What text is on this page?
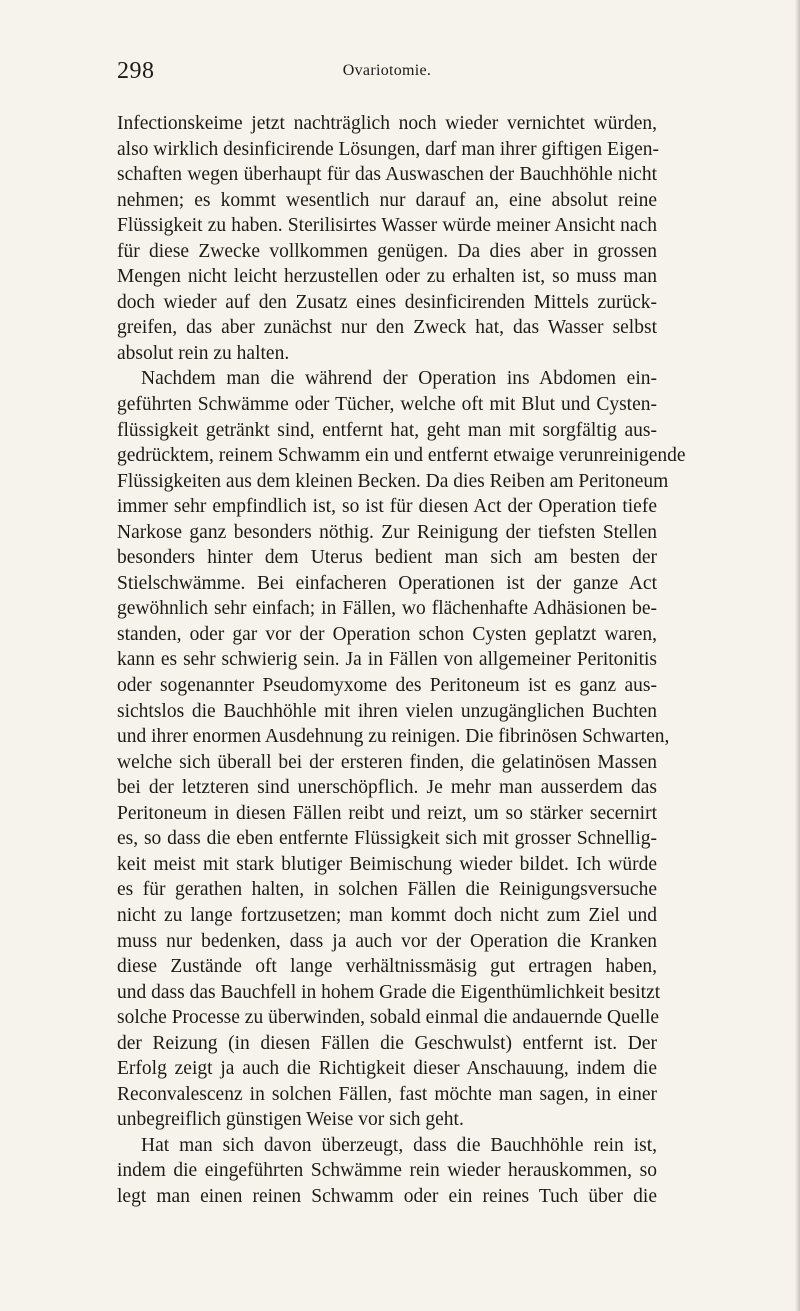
298	Ovariotomie.
Infectionskeime jetzt nachträglich noch wieder vernichtet würden,
also wirklich desinficirende Lösungen, darf man ihrer giftigen Eigen-
schaften wegen überhaupt für das Auswaschen der Bauchhöhle nicht
nehmen; es kommt wesentlich nur darauf an, eine absolut reine
Flüssigkeit zu haben. Sterilisirtes Wasser würde meiner Ansicht nach
für diese Zwecke vollkommen genügen. Da dies aber in grossen
Mengen nicht leicht herzustellen oder zu erhalten ist, so muss man
doch wieder auf den Zusatz eines desinficirenden Mittels zurück-
greifen, das aber zunächst nur den Zweck hat, das Wasser selbst
absolut rein zu halten.
Nachdem man die während der Operation ins Abdomen ein-
geführten Schwämme oder Tücher, welche oft mit Blut und Cysten-
flüssigkeit getränkt sind, entfernt hat, geht man mit sorgfältig aus-
gedrücktem, reinem Schwamm ein und entfernt etwaige verunreinigende
Flüssigkeiten aus dem kleinen Becken. Da dies Reiben am Peritoneum
immer sehr empfindlich ist, so ist für diesen Act der Operation tiefe
Narkose ganz besonders nöthig. Zur Reinigung der tiefsten Stellen
besonders hinter dem Uterus bedient man sich am besten der
Stielschwämme. Bei einfacheren Operationen ist der ganze Act
gewöhnlich sehr einfach; in Fällen, wo flächenhafte Adhäsionen be-
standen, oder gar vor der Operation schon Cysten geplatzt waren,
kann es sehr schwierig sein. Ja in Fällen von allgemeiner Peritonitis
oder sogenannter Pseudomyxome des Peritoneum ist es ganz aus-
sichtslos die Bauchhöhle mit ihren vielen unzugänglichen Buchten
und ihrer enormen Ausdehnung zu reinigen. Die fibrinösen Schwarten,
welche sich überall bei der ersteren finden, die gelatinösen Massen
bei der letzteren sind unerschöpflich. Je mehr man ausserdem das
Peritoneum in diesen Fällen reibt und reizt, um so stärker secernirt
es, so dass die eben entfernte Flüssigkeit sich mit grosser Schnellig-
keit meist mit stark blutiger Beimischung wieder bildet. Ich würde
es für gerathen halten, in solchen Fällen die Reinigungsversuche
nicht zu lange fortzusetzen; man kommt doch nicht zum Ziel und
muss nur bedenken, dass ja auch vor der Operation die Kranken
diese Zustände oft lange verhältnissmäsig gut ertragen haben,
und dass das Bauchfell in hohem Grade die Eigenthümlichkeit besitzt
solche Processe zu überwinden, sobald einmal die andauernde Quelle
der Reizung (in diesen Fällen die Geschwulst) entfernt ist. Der
Erfolg zeigt ja auch die Richtigkeit dieser Anschauung, indem die
Reconvalescenz in solchen Fällen, fast möchte man sagen, in einer
unbegreiflich günstigen Weise vor sich geht.
Hat man sich davon überzeugt, dass die Bauchhöhle rein ist,
indem die eingeführten Schwämme rein wieder herauskommen, so
legt man einen reinen Schwamm oder ein reines Tuch über die
